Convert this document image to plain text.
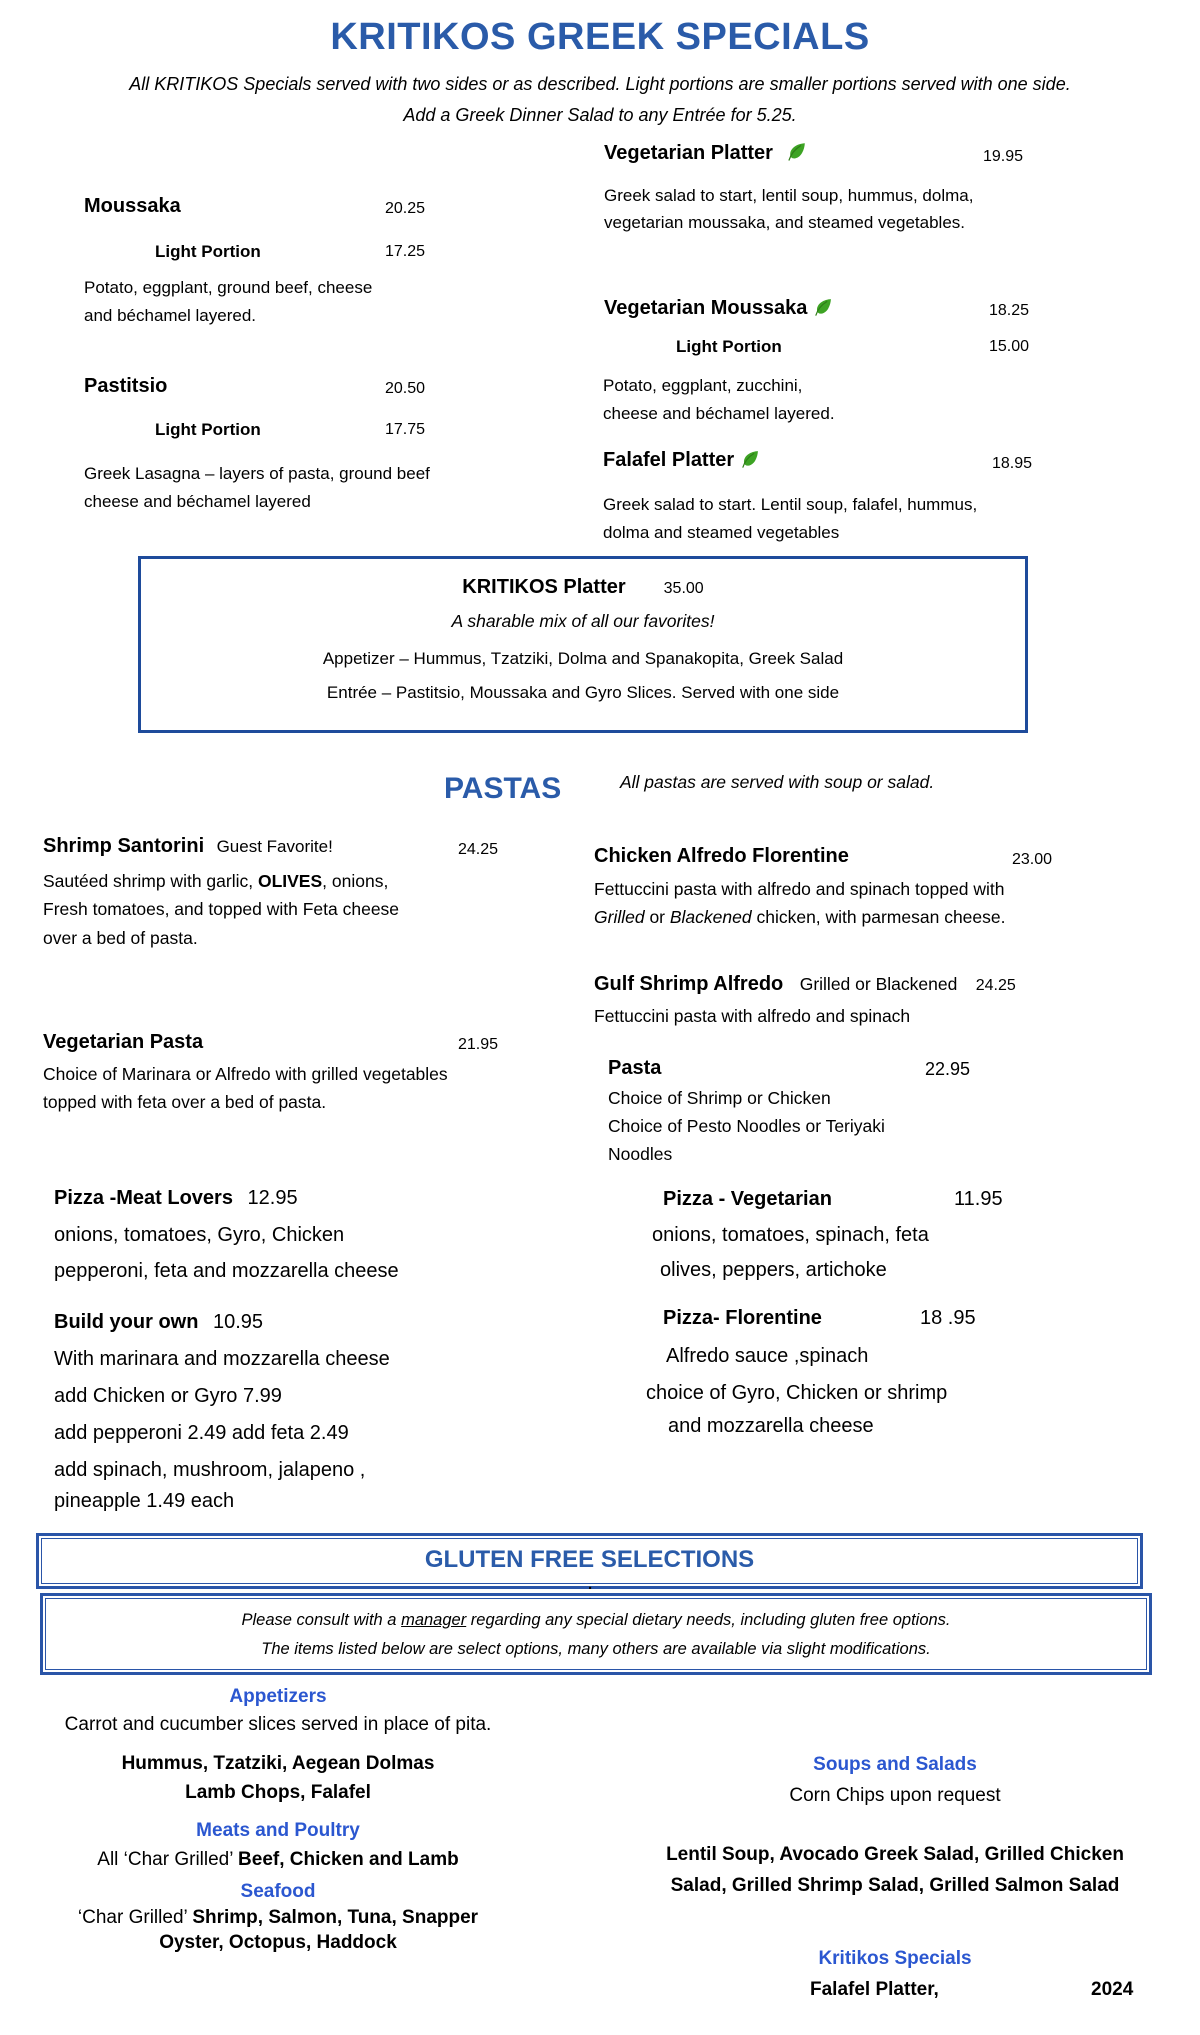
KRITIKOS GREEK SPECIALS
All KRITIKOS Specials served with two sides or as described. Light portions are smaller portions served with one side.
Add a Greek Dinner Salad to any Entrée for 5.25.
Moussaka	20.25
Light Portion	17.25
Potato, eggplant, ground beef, cheese
and béchamel layered.
Pastitsio	20.50
Light Portion	17.75
Greek Lasagna – layers of pasta, ground beef
cheese and béchamel layered
Vegetarian Platter	19.95
Greek salad to start, lentil soup, hummus, dolma,
vegetarian moussaka, and steamed vegetables.
Vegetarian Moussaka	18.25
Light Portion	15.00
Potato, eggplant, zucchini,
cheese and béchamel layered.
Falafel Platter	18.95
Greek salad to start. Lentil soup, falafel, hummus,
dolma and steamed vegetables
KRITIKOS Platter 35.00
A sharable mix of all our favorites!
Appetizer – Hummus, Tzatziki, Dolma and Spanakopita, Greek Salad
Entrée – Pastitsio, Moussaka and Gyro Slices. Served with one side
PASTAS	All pastas are served with soup or salad.
Shrimp Santorini Guest Favorite!	24.25
Sautéed shrimp with garlic, OLIVES, onions,
Fresh tomatoes, and topped with Feta cheese
over a bed of pasta.
Vegetarian Pasta	21.95
Choice of Marinara or Alfredo with grilled vegetables
topped with feta over a bed of pasta.
Chicken Alfredo Florentine	23.00
Fettuccini pasta with alfredo and spinach topped with
Grilled or Blackened chicken, with parmesan cheese.
Gulf Shrimp Alfredo Grilled or Blackened 24.25
Fettuccini pasta with alfredo and spinach
Pasta	22.95
Choice of Shrimp or Chicken
Choice of Pesto Noodles or Teriyaki
Noodles
Pizza -Meat Lovers 12.95
onions, tomatoes, Gyro, Chicken
pepperoni, feta and mozzarella cheese
Build your own 10.95
With marinara and mozzarella cheese
add Chicken or Gyro 7.99
add pepperoni 2.49 add feta 2.49
add spinach, mushroom, jalapeno ,
pineapple 1.49 each
Pizza - Vegetarian	11.95
onions, tomatoes, spinach, feta
olives, peppers, artichoke
Pizza- Florentine	18 .95
Alfredo sauce ,spinach
choice of Gyro, Chicken or shrimp
and mozzarella cheese
GLUTEN FREE SELECTIONS
.
Please consult with a manager regarding any special dietary needs, including gluten free options.
The items listed below are select options, many others are available via slight modifications.
Appetizers
Carrot and cucumber slices served in place of pita.
Hummus, Tzatziki, Aegean Dolmas
Lamb Chops, Falafel
Meats and Poultry
All ‘Char Grilled’ Beef, Chicken and Lamb
Seafood
‘Char Grilled’ Shrimp, Salmon, Tuna, Snapper
Oyster, Octopus, Haddock
Soups and Salads
Corn Chips upon request
Lentil Soup, Avocado Greek Salad, Grilled Chicken
Salad, Grilled Shrimp Salad, Grilled Salmon Salad
Kritikos Specials
Falafel Platter,	2024
